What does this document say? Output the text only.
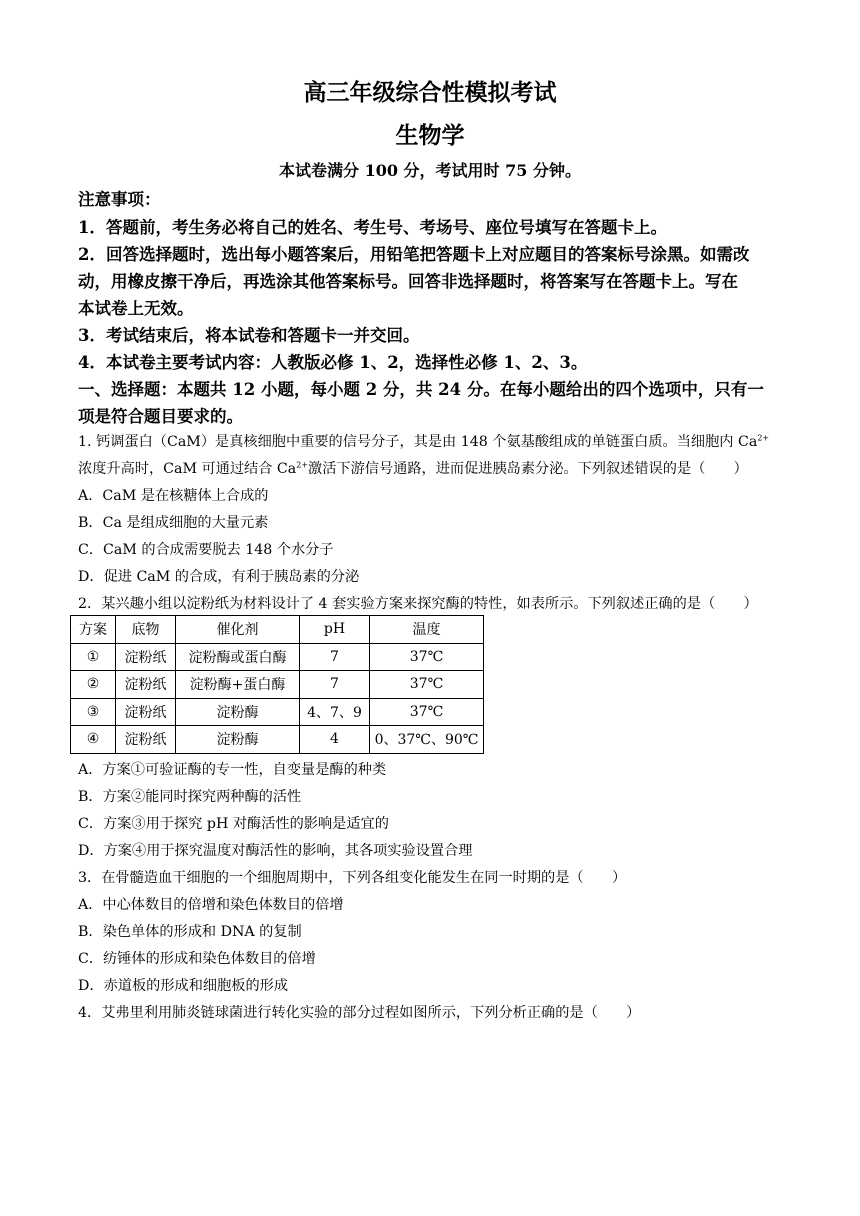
高三年级综合性模拟考试
生物学
本试卷满分 100 分，考试用时 75 分钟。
注意事项：
1．答题前，考生务必将自己的姓名、考生号、考场号、座位号填写在答题卡上。
2．回答选择题时，选出每小题答案后，用铅笔把答题卡上对应题目的答案标号涂黑。如需改
动，用橡皮擦干净后，再选涂其他答案标号。回答非选择题时，将答案写在答题卡上。写在
本试卷上无效。
3．考试结束后，将本试卷和答题卡一并交回。
4．本试卷主要考试内容：人教版必修 1、2，选择性必修 1、2、3。
一、选择题：本题共 12 小题，每小题 2 分，共 24 分。在每小题给出的四个选项中，只有一
项是符合题目要求的。
1. 钙调蛋白（CaM）是真核细胞中重要的信号分子，其是由 148 个氨基酸组成的单链蛋白质。当细胞内 $Ca^{2+}$
浓度升高时，CaM 可通过结合 $Ca^{2+}$激活下游信号通路，进而促进胰岛素分泌。下列叙述错误的是（　　）
A．CaM 是在核糖体上合成的
B．Ca 是组成细胞的大量元素
C．CaM 的合成需要脱去 148 个水分子
D．促进 CaM 的合成，有利于胰岛素的分泌
2．某兴趣小组以淀粉纸为材料设计了 4 套实验方案来探究酶的特性，如表所示。下列叙述正确的是（　　）
方案	底物	催化剂	pH	温度
①	淀粉纸	淀粉酶或蛋白酶	7	37℃
②	淀粉纸	淀粉酶+蛋白酶	7	37℃
③	淀粉纸	淀粉酶	4、7、9	37℃
④	淀粉纸	淀粉酶	4	0、37℃、90℃
A．方案①可验证酶的专一性，自变量是酶的种类
B．方案②能同时探究两种酶的活性
C．方案③用于探究 pH 对酶活性的影响是适宜的
D．方案④用于探究温度对酶活性的影响，其各项实验设置合理
3．在骨髓造血干细胞的一个细胞周期中，下列各组变化能发生在同一时期的是（　　）
A．中心体数目的倍增和染色体数目的倍增
B．染色单体的形成和 DNA 的复制
C．纺锤体的形成和染色体数目的倍增
D．赤道板的形成和细胞板的形成
4．艾弗里利用肺炎链球菌进行转化实验的部分过程如图所示，下列分析正确的是（　　）
